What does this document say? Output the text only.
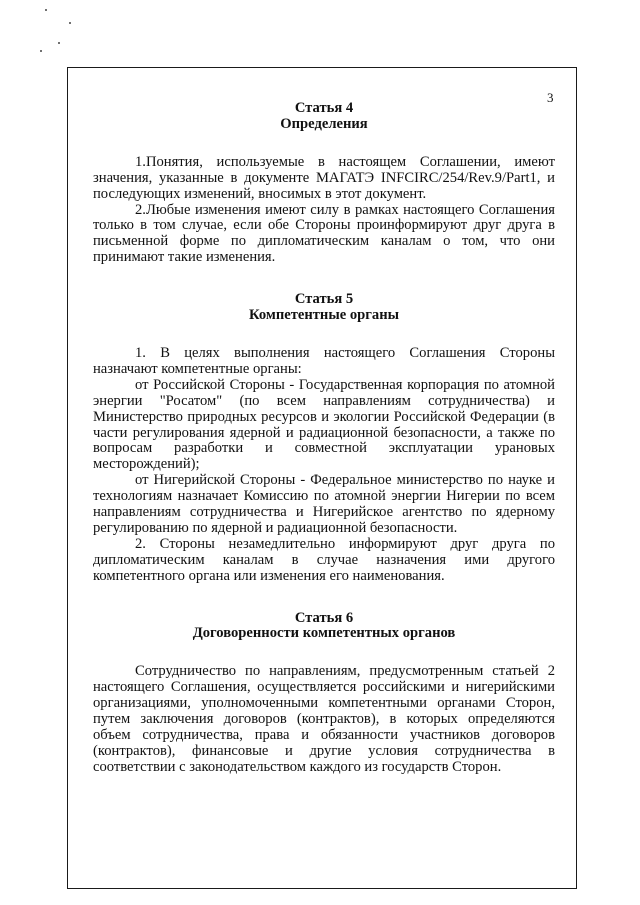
3

Статья 4

Определения

1.Понятия, используемые в настоящем Соглашении, имеют значения, указанные в документе МАГАТЭ INFCIRC/254/Rev.9/Part1, и последующих изменений, вносимых в этот документ.

2.Любые изменения имеют силу в рамках настоящего Соглашения только в том случае, если обе Стороны проинформируют друг друга в письменной форме по дипломатическим каналам о том, что они принимают такие изменения.

Статья 5

Компетентные органы

1. В целях выполнения настоящего Соглашения Стороны назначают компетентные органы:

от Российской Стороны - Государственная корпорация по атомной энергии "Росатом" (по всем направлениям сотрудничества) и Министерство природных ресурсов и экологии Российской Федерации (в части регулирования ядерной и радиационной безопасности, а также по вопросам разработки и совместной эксплуатации урановых месторождений);

от Нигерийской Стороны - Федеральное министерство по науке и технологиям назначает Комиссию по атомной энергии Нигерии по всем направлениям сотрудничества и Нигерийское агентство по ядерному регулированию по ядерной и радиационной безопасности.

2. Стороны незамедлительно информируют друг друга по дипломатическим каналам в случае назначения ими другого компетентного органа или изменения его наименования.

Статья 6

Договоренности компетентных органов

Сотрудничество по направлениям, предусмотренным статьей 2 настоящего Соглашения, осуществляется российскими и нигерийскими организациями, уполномоченными компетентными органами Сторон, путем заключения договоров (контрактов), в которых определяются объем сотрудничества, права и обязанности участников договоров (контрактов), финансовые и другие условия сотрудничества в соответствии с законодательством каждого из государств Сторон.
